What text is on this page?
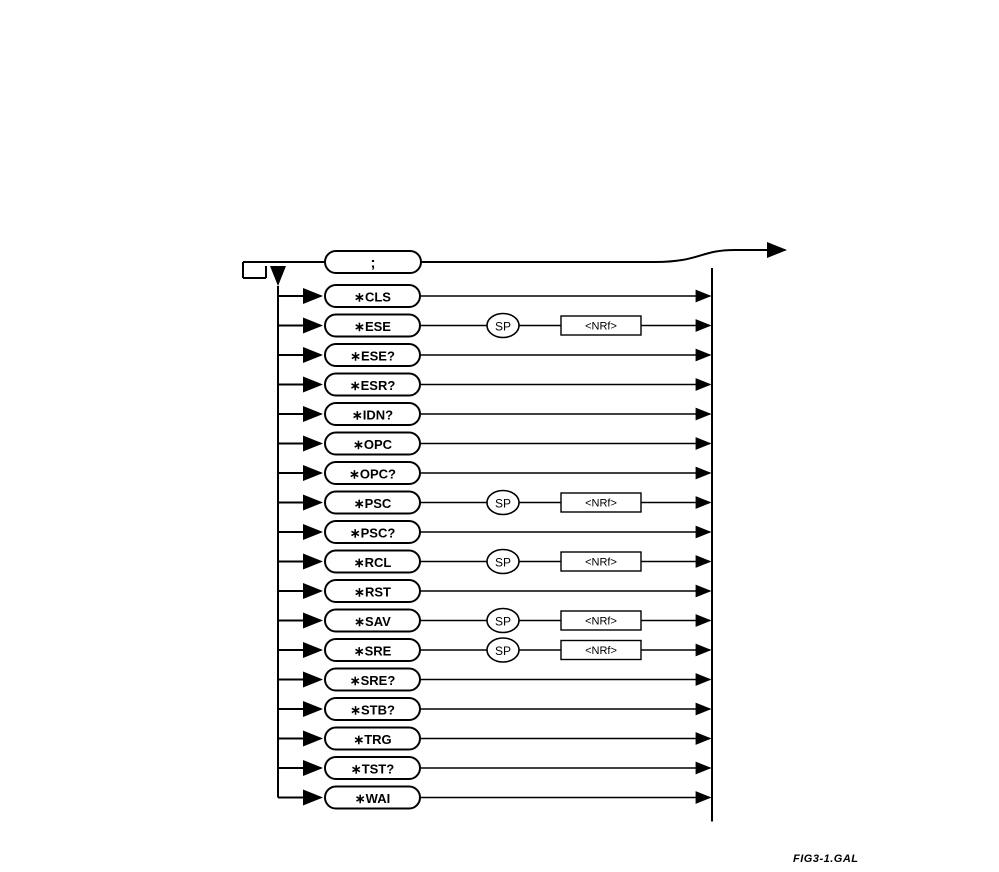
;
∗CLS
∗ESE	SP	<NRf>
∗ESE?
∗ESR?
∗IDN?
∗OPC
∗OPC?
∗PSC	SP	<NRf>
∗PSC?
∗RCL	SP	<NRf>
∗RST
∗SAV	SP	<NRf>
∗SRE	SP	<NRf>
∗SRE?
∗STB?
∗TRG
∗TST?
∗WAI
FIG3-1.GAL
